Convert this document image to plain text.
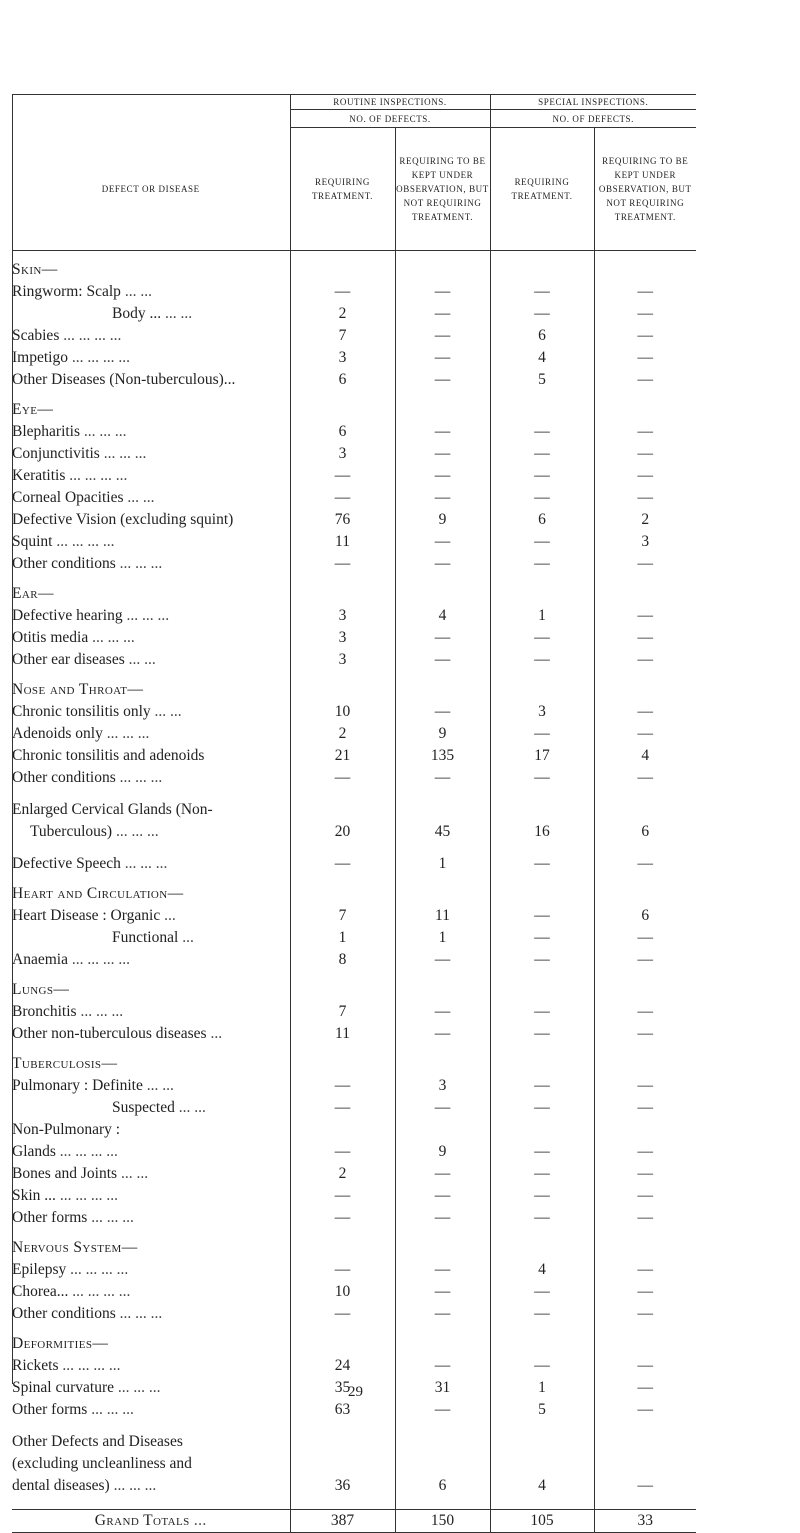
	ROUTINE INSPECTIONS.		SPECIAL INSPECTIONS.	
	NO. OF DEFECTS.		NO. OF DEFECTS.	
DEFECT OR DISEASE	REQUIRING TREATMENT.	REQUIRING TO BE KEPT UNDER OBSERVATION, BUT NOT REQUIRING TREATMENT.	REQUIRING TREATMENT.	REQUIRING TO BE KEPT UNDER OBSERVATION, BUT NOT REQUIRING TREATMENT.
Skin—				
Ringworm: Scalp ... ...	—	—	—	—
Body ... ... ...	2	—	—	—
Scabies ... ... ... ...	7	—	6	—
Impetigo ... ... ... ...	3	—	4	—
Other Diseases (Non-tuberculous)...	6	—	5	—
Eye—				
Blepharitis ... ... ...	6	—	—	—
Conjunctivitis ... ... ...	3	—	—	—
Keratitis ... ... ... ...	—	—	—	—
Corneal Opacities ... ...	—	—	—	—
Defective Vision (excluding squint)	76	9	6	2
Squint ... ... ... ...	11	—	—	3
Other conditions ... ... ...	—	—	—	—
Ear—				
Defective hearing ... ... ...	3	4	1	—
Otitis media ... ... ...	3	—	—	—
Other ear diseases ... ...	3	—	—	—
Nose and Throat—				
Chronic tonsilitis only ... ...	10	—	3	—
Adenoids only ... ... ...	2	9	—	—
Chronic tonsilitis and adenoids	21	135	17	4
Other conditions ... ... ...	—	—	—	—

Enlarged Cervical Glands (Non-
Tuberculous) ... ... ...	20	45	16	6
Defective Speech ... ... ...	—	1	—	—
Heart and Circulation—				
Heart Disease : Organic ...	7	11	—	6
Functional ...	1	1	—	—
Anaemia ... ... ... ...	8	—	—	—
Lungs—				
Bronchitis ... ... ...	7	—	—	—
Other non-tuberculous diseases ...	11	—	—	—
Tuberculosis—				
Pulmonary : Definite ... ...	—	3	—	—
Suspected ... ...	—	—	—	—
Non-Pulmonary :				
Glands ... ... ... ...	—	9	—	—
Bones and Joints ... ...	2	—	—	—
Skin ... ... ... ... ...	—	—	—	—
Other forms ... ... ...	—	—	—	—
Nervous System—				
Epilepsy ... ... ... ...	—	—	4	—
Chorea... ... ... ... ...	10	—	—	—
Other conditions ... ... ...	—	—	—	—
Deformities—				
Rickets ... ... ... ...	24	—	—	—
Spinal curvature ... ... ...	35	31	1	—
Other forms ... ... ...	63	—	5	—

Other Defects and Diseases
(excluding uncleanliness and
dental diseases) ... ... ...	36	6	4	—

Grand Totals ...	387	150	105	33
29
